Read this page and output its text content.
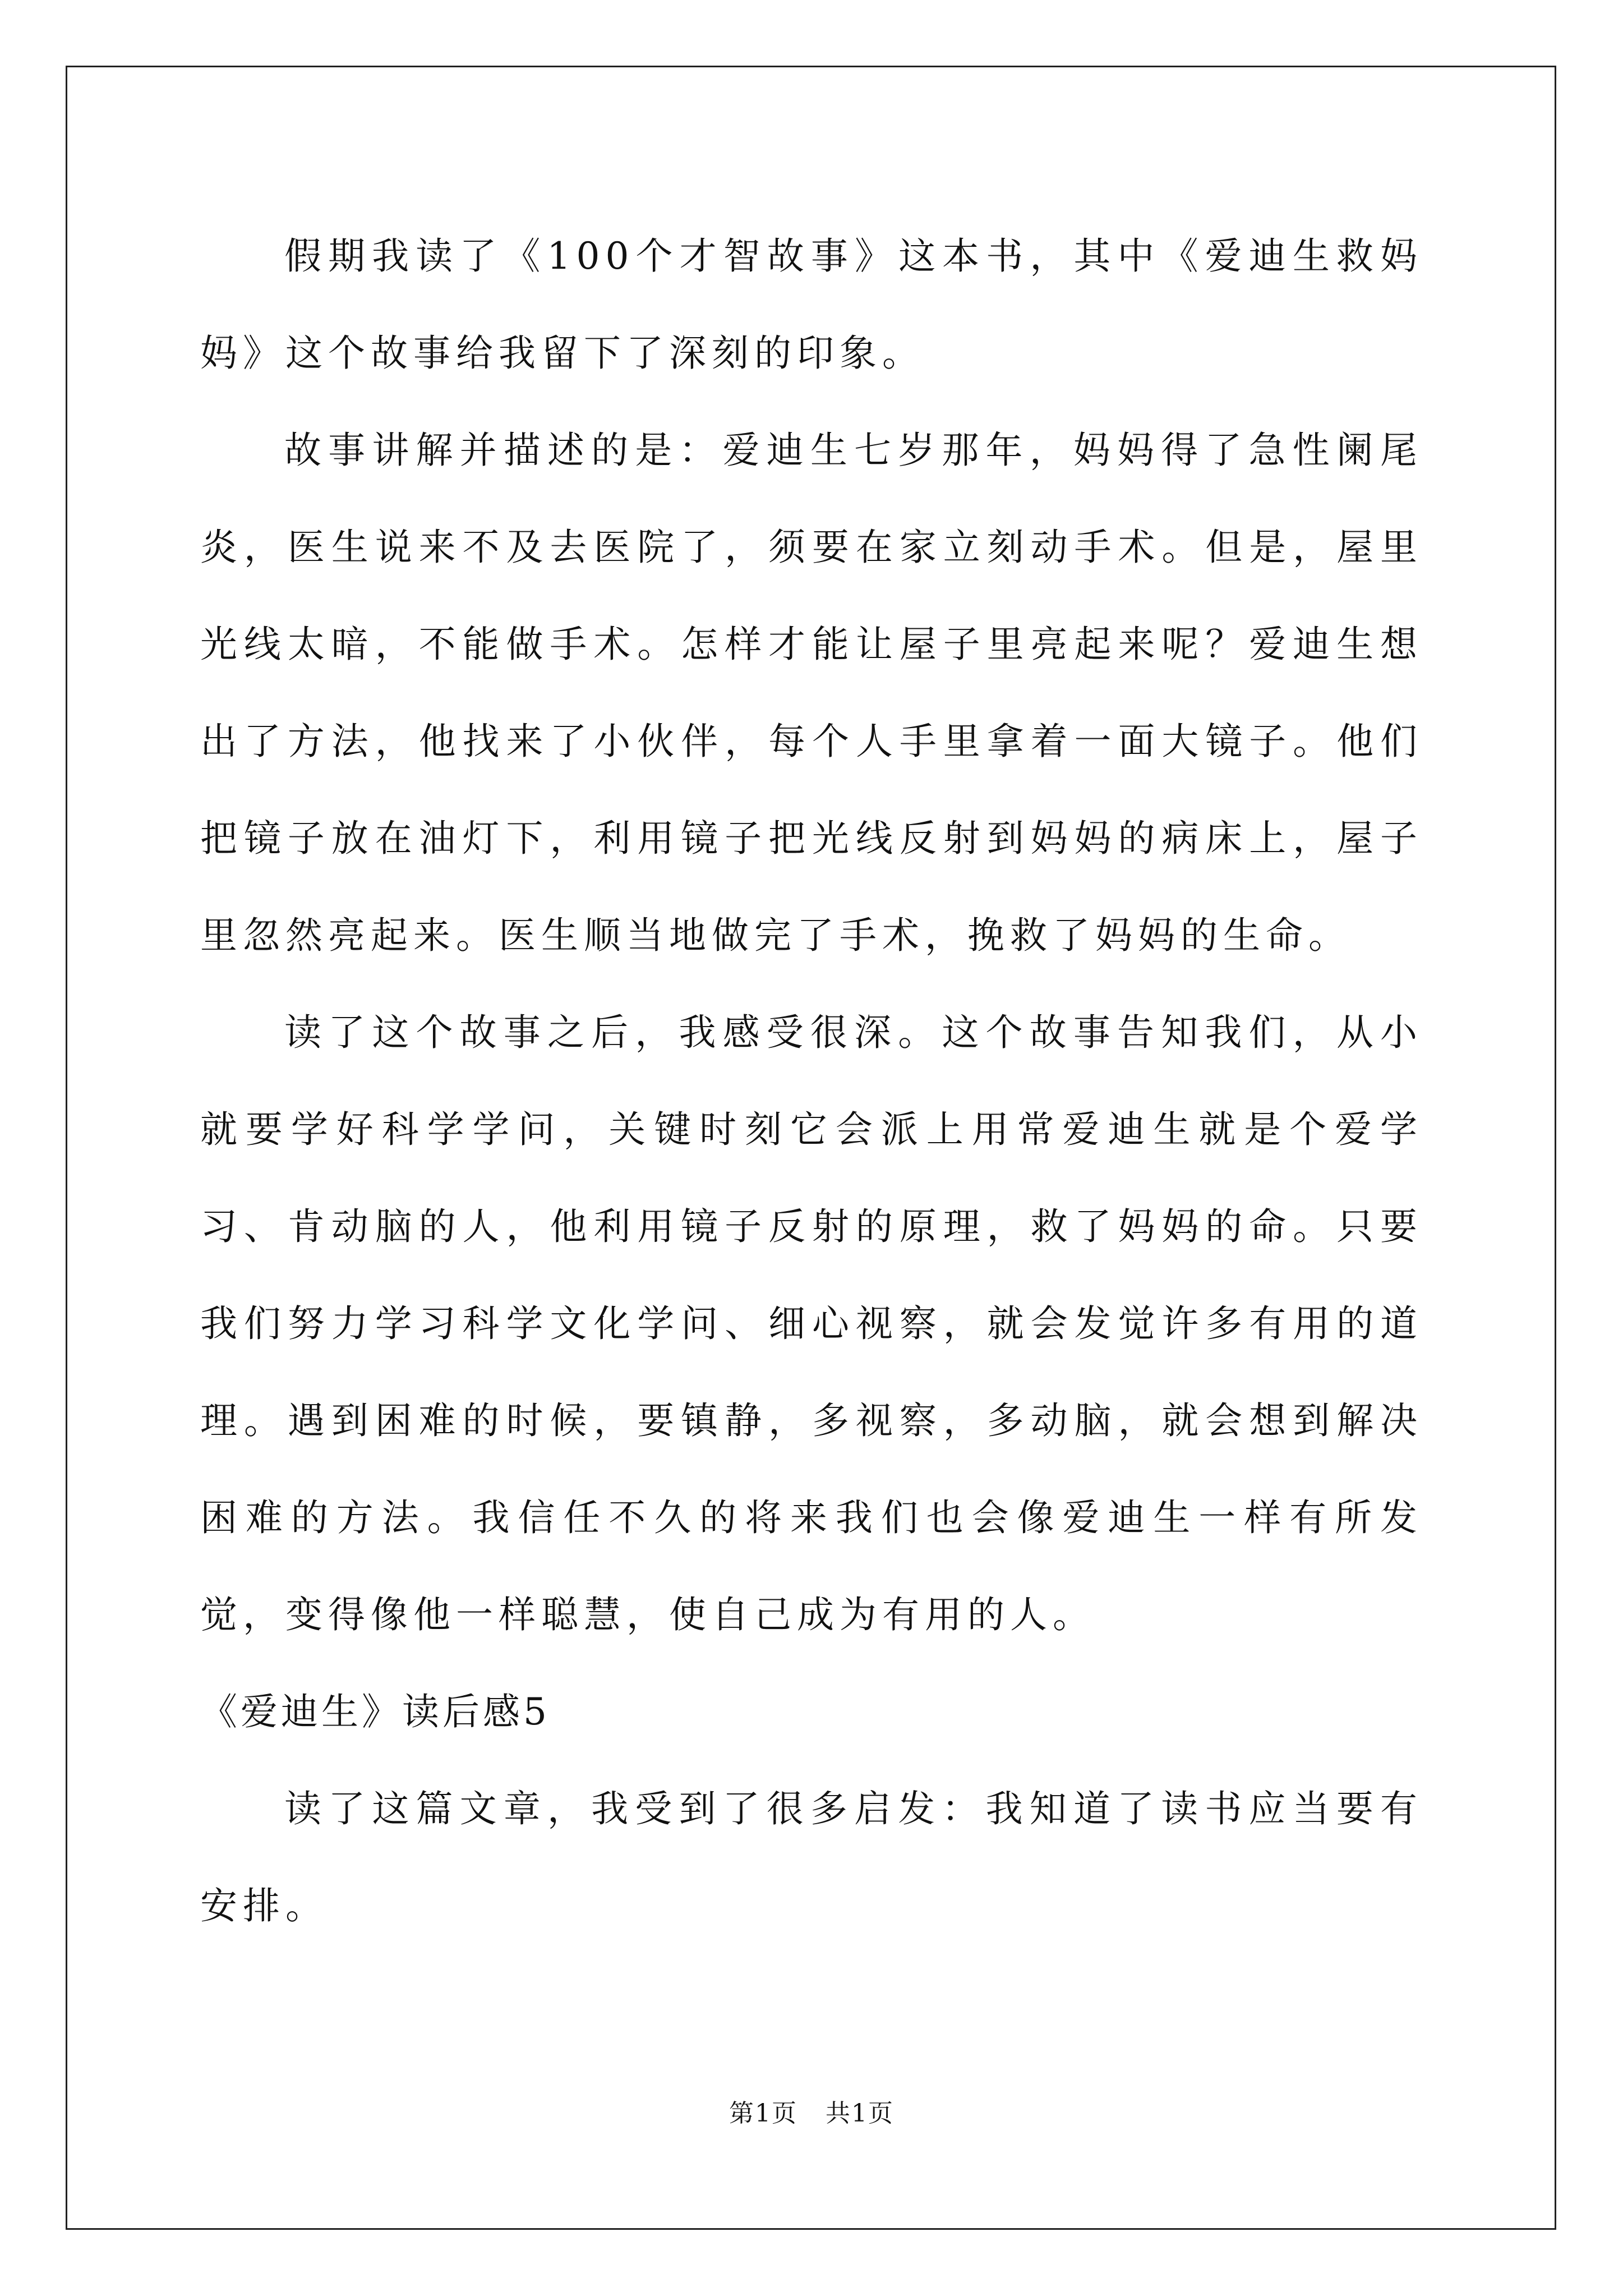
假期我读了《100个才智故事》这本书，其中《爱迪生救妈妈》这个故事给我留下了深刻的印象。

故事讲解并描述的是：爱迪生七岁那年，妈妈得了急性阑尾炎，医生说来不及去医院了，须要在家立刻动手术。但是，屋里光线太暗，不能做手术。怎样才能让屋子里亮起来呢？爱迪生想出了方法，他找来了小伙伴，每个人手里拿着一面大镜子。他们把镜子放在油灯下，利用镜子把光线反射到妈妈的病床上，屋子里忽然亮起来。医生顺当地做完了手术，挽救了妈妈的生命。

读了这个故事之后，我感受很深。这个故事告知我们，从小就要学好科学学问，关键时刻它会派上用常爱迪生就是个爱学习、肯动脑的人，他利用镜子反射的原理，救了妈妈的命。只要我们努力学习科学文化学问、细心视察，就会发觉许多有用的道理。遇到困难的时候，要镇静，多视察，多动脑，就会想到解决困难的方法。我信任不久的将来我们也会像爱迪生一样有所发觉，变得像他一样聪慧，使自己成为有用的人。

《爱迪生》读后感5

读了这篇文章，我受到了很多启发：我知道了读书应当要有安排。

第1页 共1页
